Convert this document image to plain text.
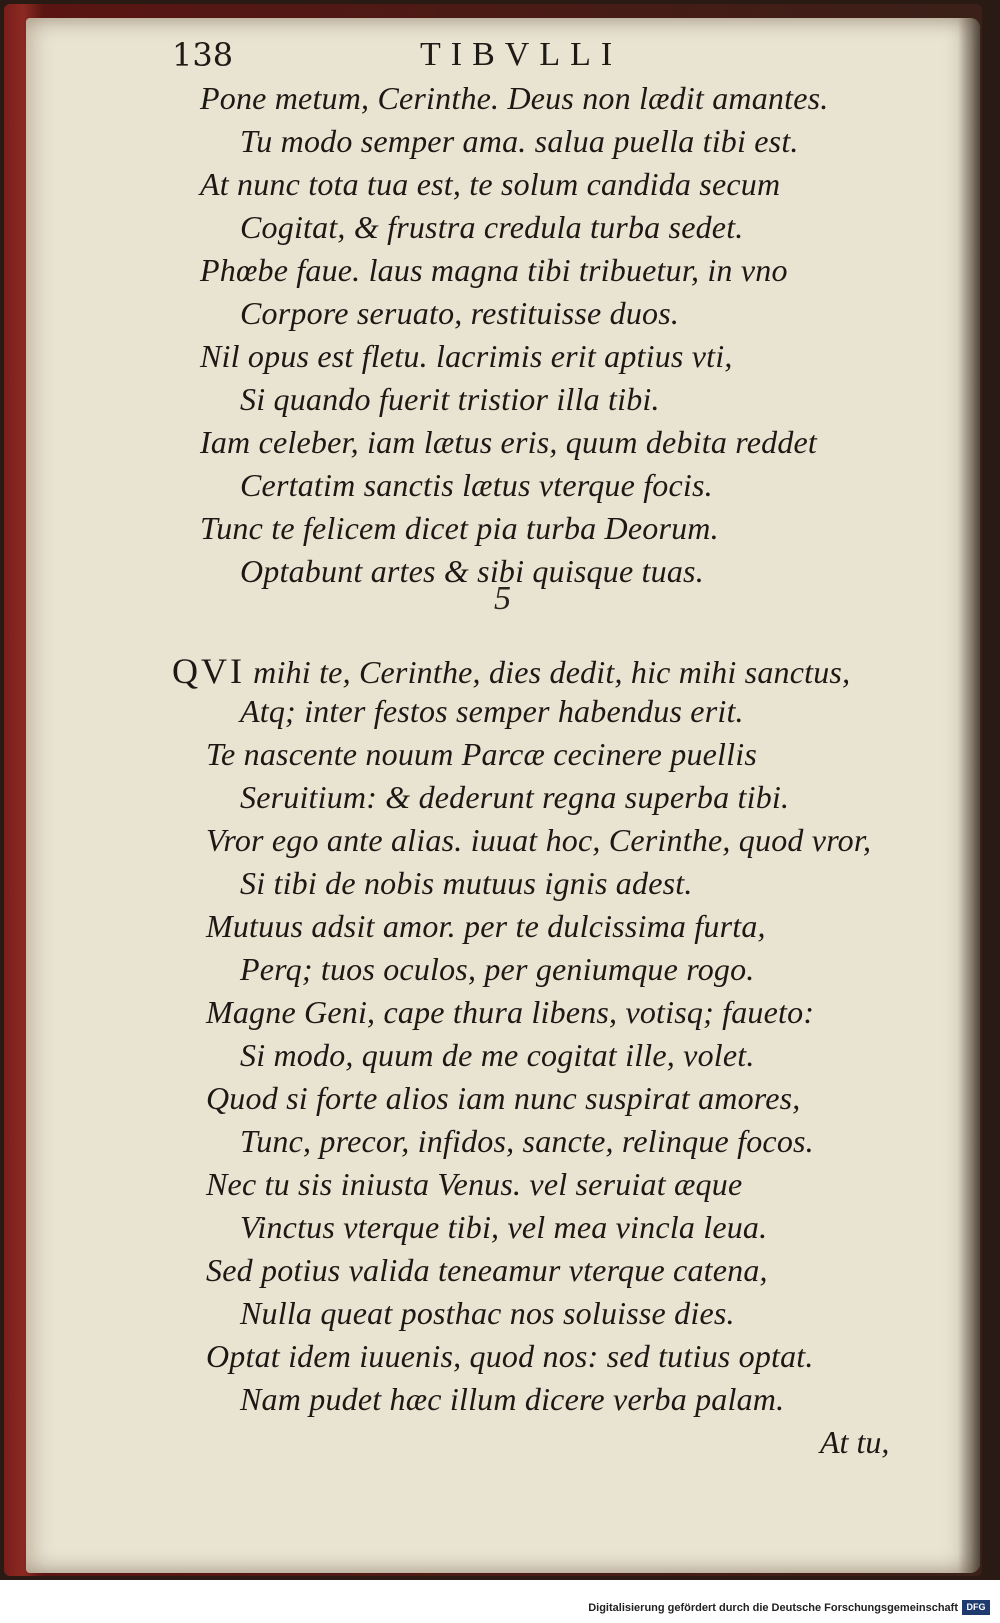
138	TIBVLLI

Pone metum, Cerinthe. Deus non lædit amantes.

Tu modo semper ama. salua puella tibi est.

At nunc tota tua est, te solum candida secum

Cogitat, & frustra credula turba sedet.

Phœbe faue. laus magna tibi tribuetur, in vno

Corpore seruato, restituisse duos.

Nil opus est fletu. lacrimis erit aptius vti,

Si quando fuerit tristior illa tibi.

Iam celeber, iam lætus eris, quum debita reddet

Certatim sanctis lætus vterque focis.

Tunc te felicem dicet pia turba Deorum.

Optabunt artes & sibi quisque tuas.

5

QVI mihi te, Cerinthe, dies dedit, hic mihi sanctus,

Atq; inter festos semper habendus erit.

Te nascente nouum Parcæ cecinere puellis

Seruitium: & dederunt regna superba tibi.

Vror ego ante alias. iuuat hoc, Cerinthe, quod vror,

Si tibi de nobis mutuus ignis adest.

Mutuus adsit amor. per te dulcissima furta,

Perq; tuos oculos, per geniumque rogo.

Magne Geni, cape thura libens, votisq; faueto:

Si modo, quum de me cogitat ille, volet.

Quod si forte alios iam nunc suspirat amores,

Tunc, precor, infidos, sancte, relinque focos.

Nec tu sis iniusta Venus. vel seruiat æque

Vinctus vterque tibi, vel mea vincla leua.

Sed potius valida teneamur vterque catena,

Nulla queat posthac nos soluisse dies.

Optat idem iuuenis, quod nos: sed tutius optat.

Nam pudet hæc illum dicere verba palam.

At tu,

Digitalisierung gefördert durch die Deutsche Forschungsgemeinschaft DFG
